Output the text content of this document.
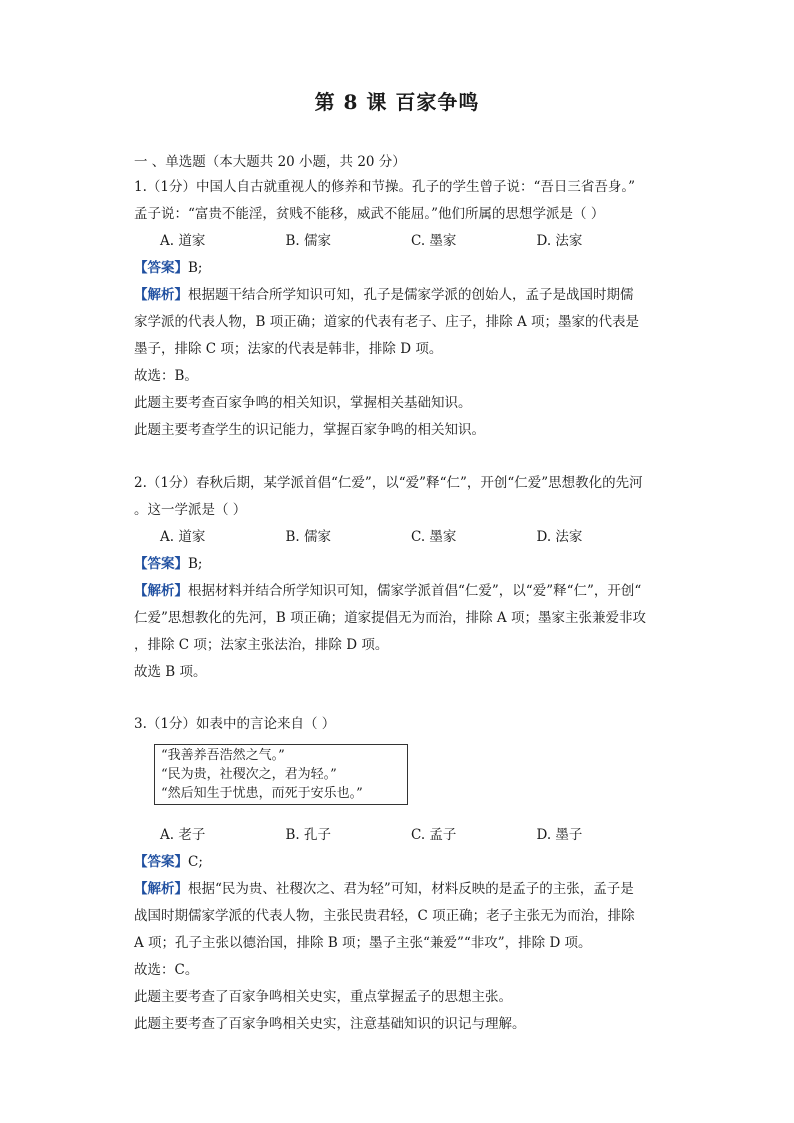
第 8 课 百家争鸣
一 、单选题（本大题共 20 小题，共 20 分）
1.（1分）中国人自古就重视人的修养和节操。孔子的学生曾子说：“吾日三省吾身。”
孟子说：“富贵不能淫，贫贱不能移，威武不能屈。”他们所属的思想学派是（ ）
A. 道家	B. 儒家	C. 墨家	D. 法家
【答案】B;
【解析】根据题干结合所学知识可知，孔子是儒家学派的创始人，孟子是战国时期儒
家学派的代表人物，B 项正确；道家的代表有老子、庄子，排除 A 项；墨家的代表是
墨子，排除 C 项；法家的代表是韩非，排除 D 项。
故选：B。
此题主要考查百家争鸣的相关知识，掌握相关基础知识。
此题主要考查学生的识记能力，掌握百家争鸣的相关知识。
2.（1分）春秋后期，某学派首倡“仁爱”，以“爱”释“仁”，开创“仁爱”思想教化的先河
。这一学派是（ ）
A. 道家	B. 儒家	C. 墨家	D. 法家
【答案】B;
【解析】根据材料并结合所学知识可知，儒家学派首倡“仁爱”，以“爱”释“仁”，开创“
仁爱”思想教化的先河，B 项正确；道家提倡无为而治，排除 A 项；墨家主张兼爱非攻
，排除 C 项；法家主张法治，排除 D 项。
故选 B 项。
3.（1分）如表中的言论来自（ ）
“我善养吾浩然之气。”
“民为贵，社稷次之，君为轻。”
“然后知生于忧患，而死于安乐也。”
A. 老子	B. 孔子	C. 孟子	D. 墨子
【答案】C;
【解析】根据“民为贵、社稷次之、君为轻”可知，材料反映的是孟子的主张，孟子是
战国时期儒家学派的代表人物，主张民贵君轻，C 项正确；老子主张无为而治，排除
A 项；孔子主张以德治国，排除 B 项；墨子主张“兼爱”“非攻”，排除 D 项。
故选：C。
此题主要考查了百家争鸣相关史实，重点掌握孟子的思想主张。
此题主要考查了百家争鸣相关史实，注意基础知识的识记与理解。
